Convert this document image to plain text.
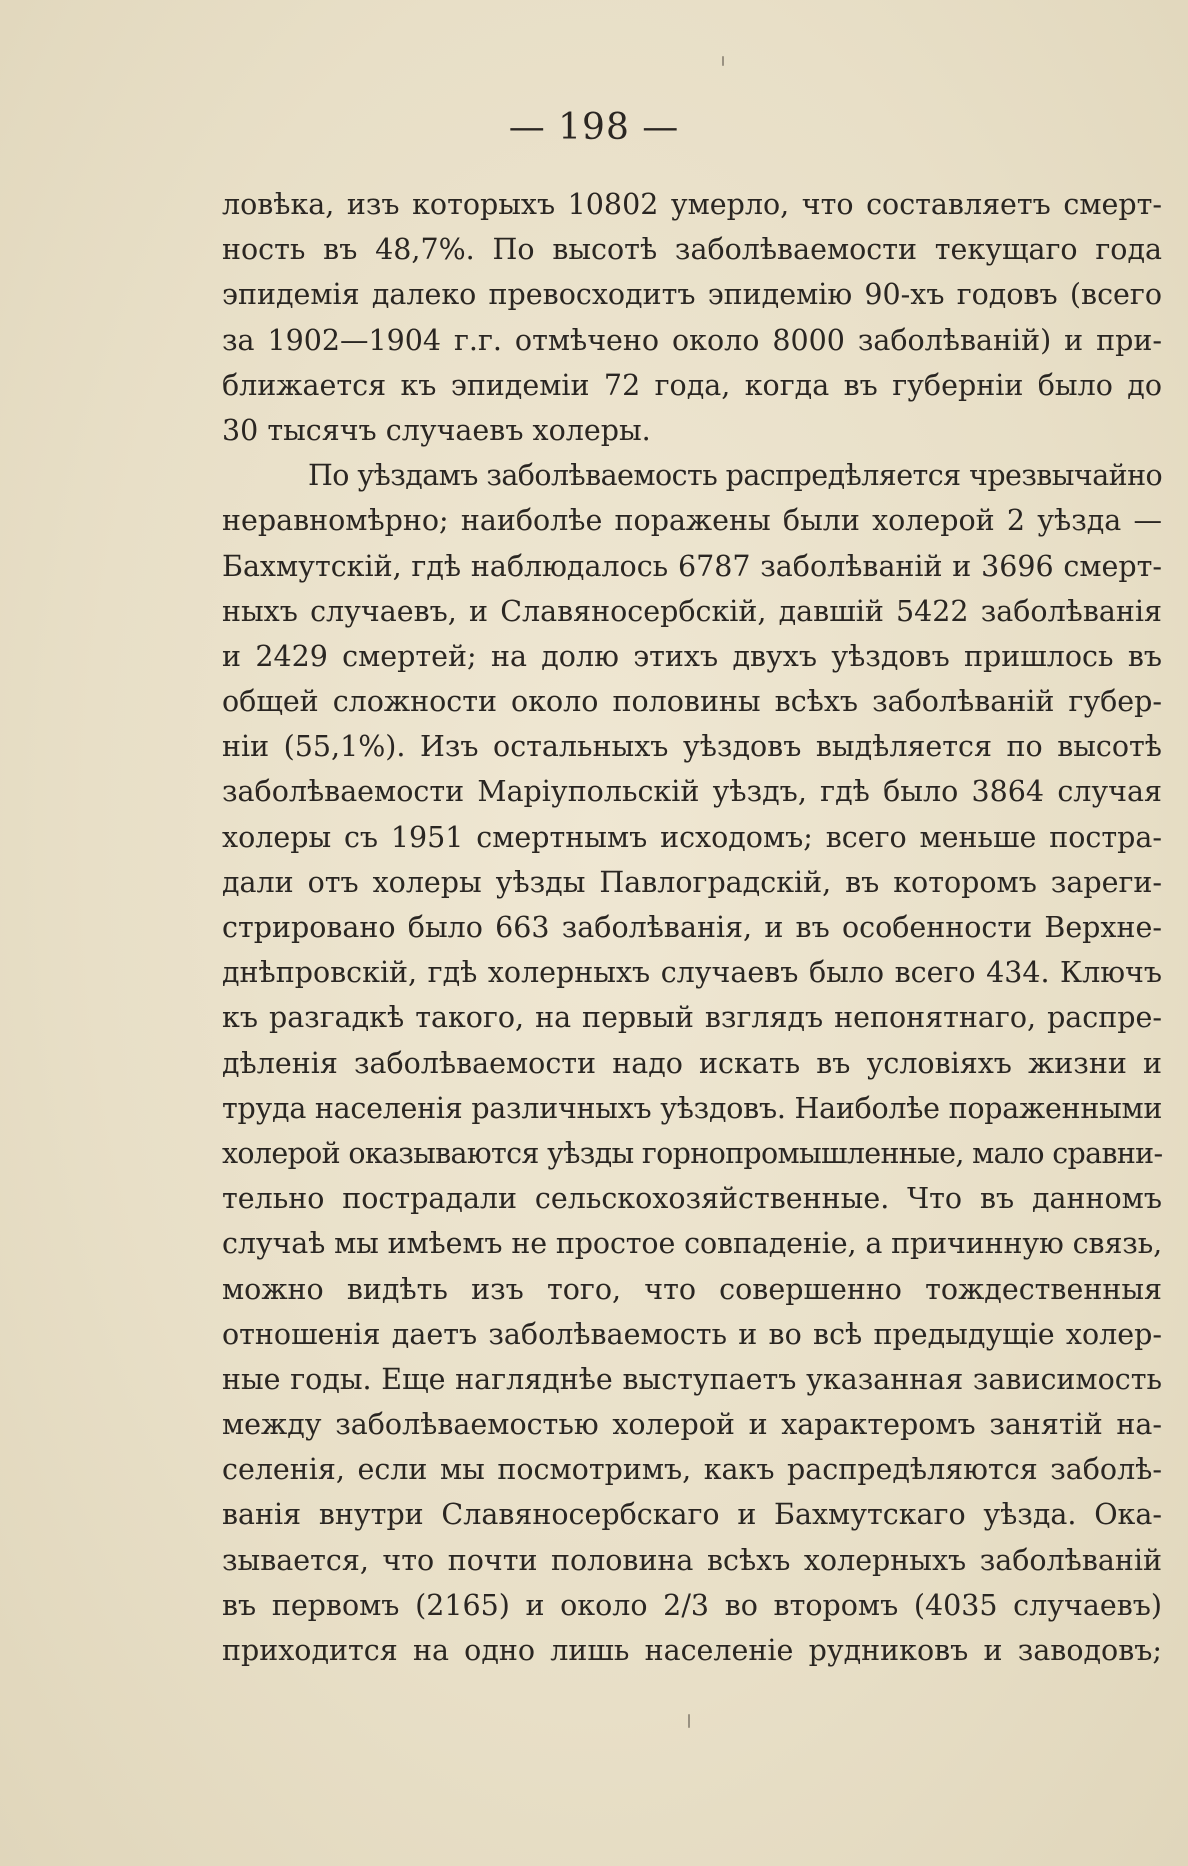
— 198 —
ловѣка, изъ которыхъ 10802 умерло, что составляетъ смерт-
ность въ 48,7%. По высотѣ заболѣваемости текущаго года
эпидемія далеко превосходитъ эпидемію 90-хъ годовъ (всего
за 1902—1904 г.г. отмѣчено около 8000 заболѣваній) и при-
ближается къ эпидеміи 72 года, когда въ губерніи было до
30 тысячъ случаевъ холеры.
По уѣздамъ заболѣваемость распредѣляется чрезвычайно
неравномѣрно; наиболѣе поражены были холерой 2 уѣзда —
Бахмутскій, гдѣ наблюдалось 6787 заболѣваній и 3696 смерт-
ныхъ случаевъ, и Славяносербскій, давшій 5422 заболѣванія
и 2429 смертей; на долю этихъ двухъ уѣздовъ пришлось въ
общей сложности около половины всѣхъ заболѣваній губер-
ніи (55,1%). Изъ остальныхъ уѣздовъ выдѣляется по высотѣ
заболѣваемости Маріупольскій уѣздъ, гдѣ было 3864 случая
холеры съ 1951 смертнымъ исходомъ; всего меньше постра-
дали отъ холеры уѣзды Павлоградскій, въ которомъ зареги-
стрировано было 663 заболѣванія, и въ особенности Верхне-
днѣпровскій, гдѣ холерныхъ случаевъ было всего 434. Ключъ
къ разгадкѣ такого, на первый взглядъ непонятнаго, распре-
дѣленія заболѣваемости надо искать въ условіяхъ жизни и
труда населенія различныхъ уѣздовъ. Наиболѣе пораженными
холерой оказываются уѣзды горнопромышленные, мало сравни-
тельно пострадали сельскохозяйственные. Что въ данномъ
случаѣ мы имѣемъ не простое совпаденіе, а причинную связь,
можно видѣть изъ того, что совершенно тождественныя
отношенія даетъ заболѣваемость и во всѣ предыдущіе холер-
ные годы. Еще нагляднѣе выступаетъ указанная зависимость
между заболѣваемостью холерой и характеромъ занятій на-
селенія, если мы посмотримъ, какъ распредѣляются заболѣ-
ванія внутри Славяносербскаго и Бахмутскаго уѣзда. Ока-
зывается, что почти половина всѣхъ холерныхъ заболѣваній
въ первомъ (2165) и около 2/3 во второмъ (4035 случаевъ)
приходится на одно лишь населеніе рудниковъ и заводовъ;
